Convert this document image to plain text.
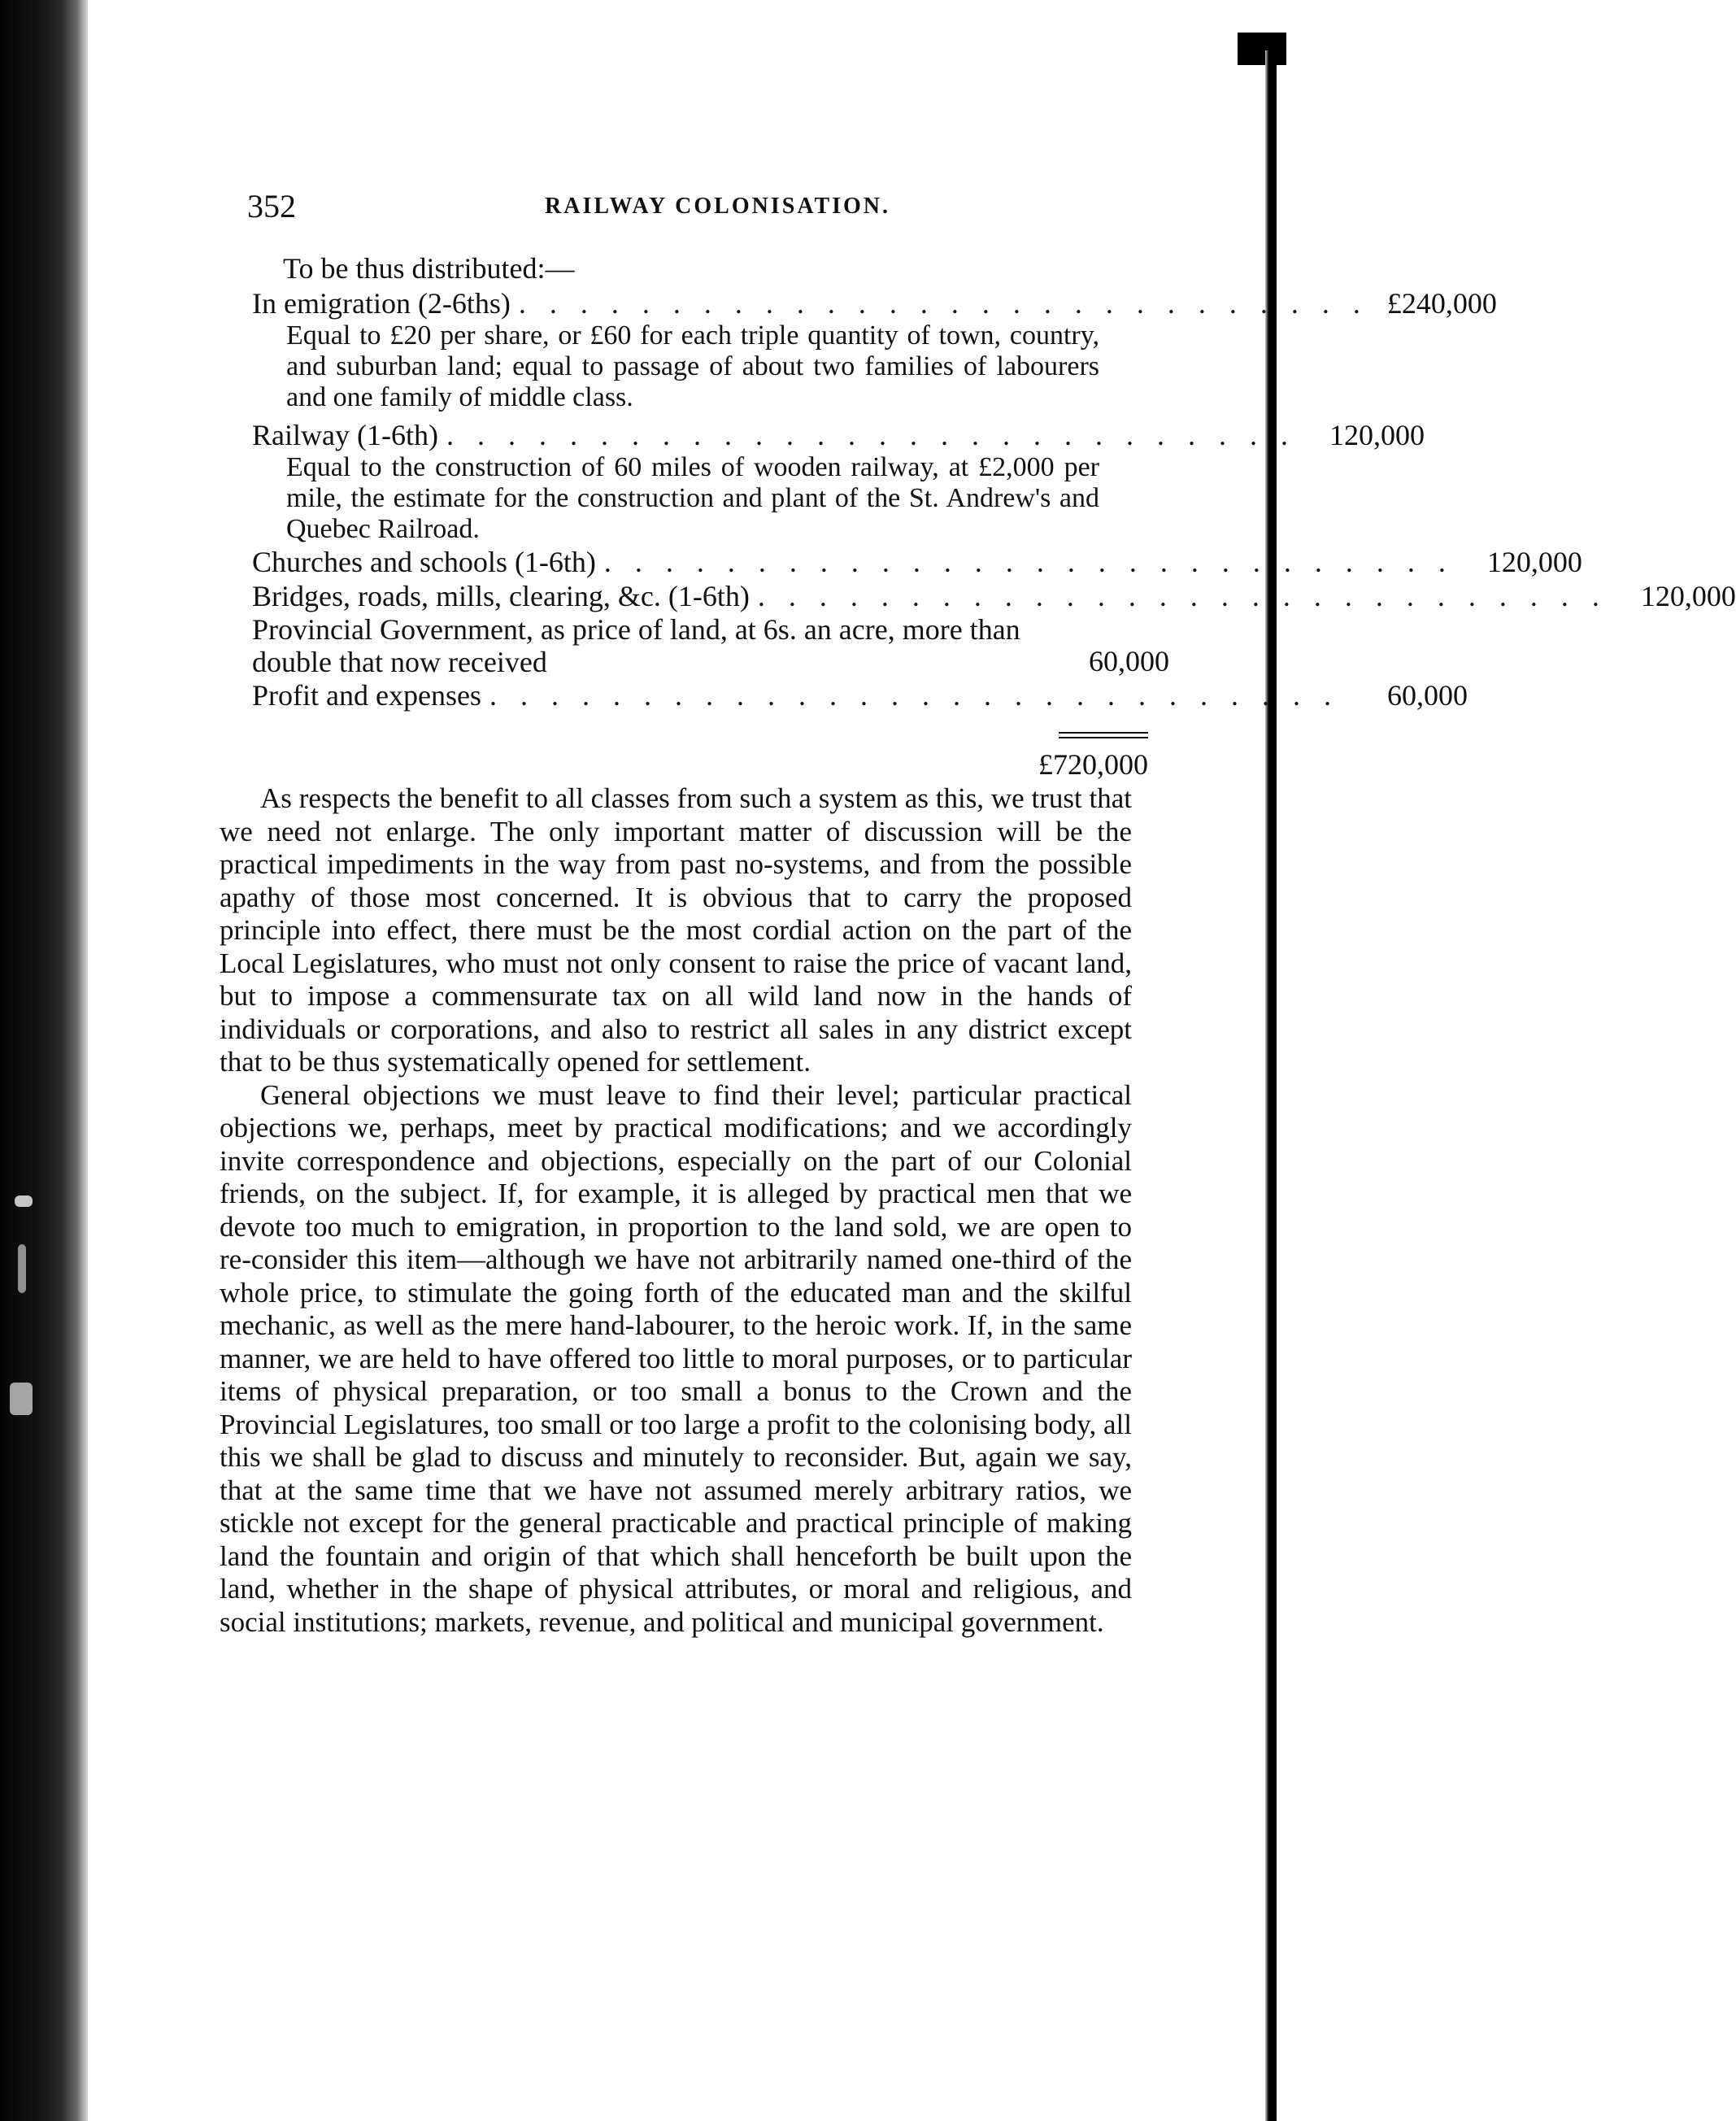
352	RAILWAY COLONISATION.
To be thus distributed:—
In emigration (2-6ths) . . . . . . . . . . . . . . . . . . . . . . . . . . . . £240,000
Equal to £20 per share, or £60 for each triple quantity of town, country, and suburban land; equal to passage of about two families of labourers and one family of middle class.
Railway (1-6th) . . . . . . . . . . . . . . . . . . . . . . . . . . . .	120,000
Equal to the construction of 60 miles of wooden railway, at £2,000 per mile, the estimate for the construction and plant of the St. Andrew's and Quebec Railroad.
Churches and schools (1-6th) . . . . . . . . . . . . . . . . . . . . . . . . . . . .	120,000
Bridges, roads, mills, clearing, &c. (1-6th) . . . . . . . . . . . . . . . . . . . . . . . . . . . .	120,000
Provincial Government, as price of land, at 6s. an acre, more than double that now received	60,000
Profit and expenses . . . . . . . . . . . . . . . . . . . . . . . . . . . .	60,000
£720,000

As respects the benefit to all classes from such a system as this, we trust that we need not enlarge. The only important matter of discussion will be the practical impediments in the way from past no-systems, and from the possible apathy of those most concerned. It is obvious that to carry the proposed principle into effect, there must be the most cordial action on the part of the Local Legislatures, who must not only consent to raise the price of vacant land, but to impose a commensurate tax on all wild land now in the hands of individuals or corporations, and also to restrict all sales in any district except that to be thus systematically opened for settlement.

General objections we must leave to find their level; particular practical objections we, perhaps, meet by practical modifications; and we accordingly invite correspondence and objections, especially on the part of our Colonial friends, on the subject. If, for example, it is alleged by practical men that we devote too much to emigration, in proportion to the land sold, we are open to re-consider this item—although we have not arbitrarily named one-third of the whole price, to stimulate the going forth of the educated man and the skilful mechanic, as well as the mere hand-labourer, to the heroic work. If, in the same manner, we are held to have offered too little to moral purposes, or to particular items of physical preparation, or too small a bonus to the Crown and the Provincial Legislatures, too small or too large a profit to the colonising body, all this we shall be glad to discuss and minutely to reconsider. But, again we say, that at the same time that we have not assumed merely arbitrary ratios, we stickle not except for the general practicable and practical principle of making land the fountain and origin of that which shall henceforth be built upon the land, whether in the shape of physical attributes, or moral and religious, and social institutions; markets, revenue, and political and municipal government.
